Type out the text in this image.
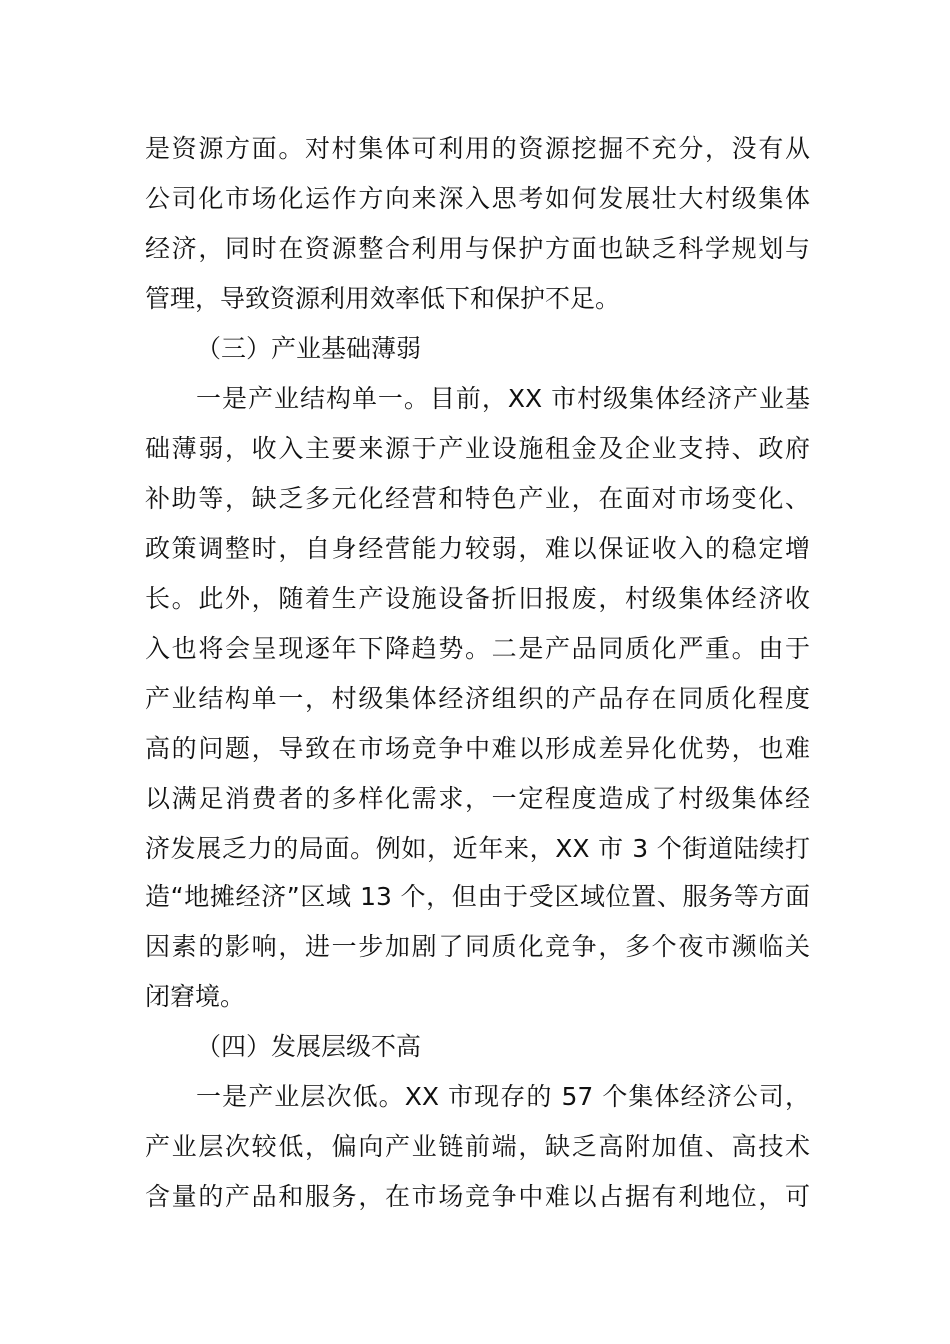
是资源方面。对村集体可利用的资源挖掘不充分，没有从
公司化市场化运作方向来深入思考如何发展壮大村级集体
经济，同时在资源整合利用与保护方面也缺乏科学规划与
管理，导致资源利用效率低下和保护不足。
（三）产业基础薄弱
一是产业结构单一。目前，XX 市村级集体经济产业基
础薄弱，收入主要来源于产业设施租金及企业支持、政府
补助等，缺乏多元化经营和特色产业，在面对市场变化、
政策调整时，自身经营能力较弱，难以保证收入的稳定增
长。此外，随着生产设施设备折旧报废，村级集体经济收
入也将会呈现逐年下降趋势。二是产品同质化严重。由于
产业结构单一，村级集体经济组织的产品存在同质化程度
高的问题，导致在市场竞争中难以形成差异化优势，也难
以满足消费者的多样化需求，一定程度造成了村级集体经
济发展乏力的局面。例如，近年来，XX 市 3 个街道陆续打
造“地摊经济”区域 13 个，但由于受区域位置、服务等方面
因素的影响，进一步加剧了同质化竞争，多个夜市濒临关
闭窘境。
（四）发展层级不高
一是产业层次低。XX 市现存的 57 个集体经济公司，
产业层次较低，偏向产业链前端，缺乏高附加值、高技术
含量的产品和服务，在市场竞争中难以占据有利地位，可
